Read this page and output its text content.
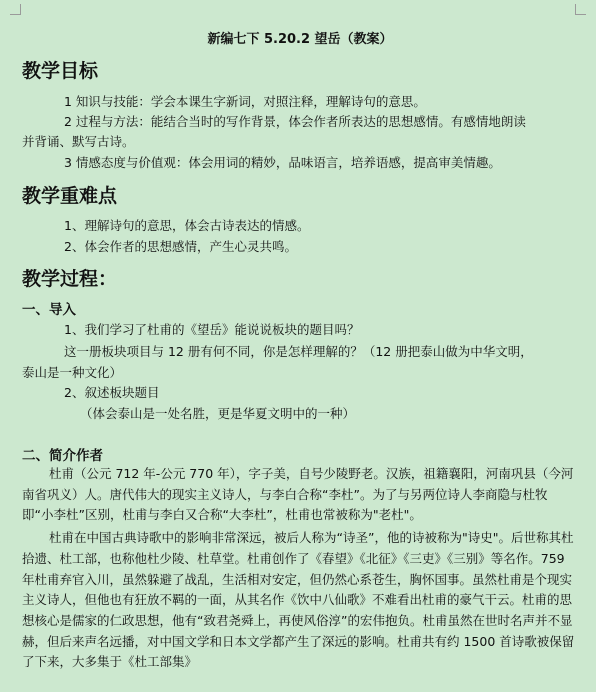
新编七下 5.20.2 望岳（教案）
教学目标
1 知识与技能：学会本课生字新词，对照注释，理解诗句的意思。
2 过程与方法：能结合当时的写作背景，体会作者所表达的思想感情。有感情地朗读
并背诵、默写古诗。
3 情感态度与价值观：体会用词的精妙，品味语言，培养语感，提高审美情趣。
教学重难点
1、理解诗句的意思，体会古诗表达的情感。
2、体会作者的思想感情，产生心灵共鸣。
教学过程：
一、导入
1、我们学习了杜甫的《望岳》能说说板块的题目吗？
这一册板块项目与 12 册有何不同，你是怎样理解的？（12 册把泰山做为中华文明，
泰山是一种文化）
2、叙述板块题目
（体会泰山是一处名胜，更是华夏文明中的一种）
二、简介作者

杜甫（公元 712 年-公元 770 年），字子美，自号少陵野老。汉族，祖籍襄阳，河南巩县（今河南省巩义）人。唐代伟大的现实主义诗人，与李白合称“李杜”。为了与另两位诗人李商隐与杜牧即“小李杜”区别，杜甫与李白又合称“大李杜”，杜甫也常被称为"老杜"。

杜甫在中国古典诗歌中的影响非常深远，被后人称为“诗圣”，他的诗被称为"诗史"。后世称其杜拾遗、杜工部，也称他杜少陵、杜草堂。杜甫创作了《春望》《北征》《三吏》《三别》等名作。759 年杜甫弃官入川，虽然躲避了战乱，生活相对安定，但仍然心系苍生，胸怀国事。虽然杜甫是个现实主义诗人，但他也有狂放不羁的一面，从其名作《饮中八仙歌》不难看出杜甫的豪气干云。杜甫的思想核心是儒家的仁政思想，他有“致君尧舜上，再使风俗淳”的宏伟抱负。杜甫虽然在世时名声并不显赫，但后来声名远播，对中国文学和日本文学都产生了深远的影响。杜甫共有约 1500 首诗歌被保留了下来，大多集于《杜工部集》
